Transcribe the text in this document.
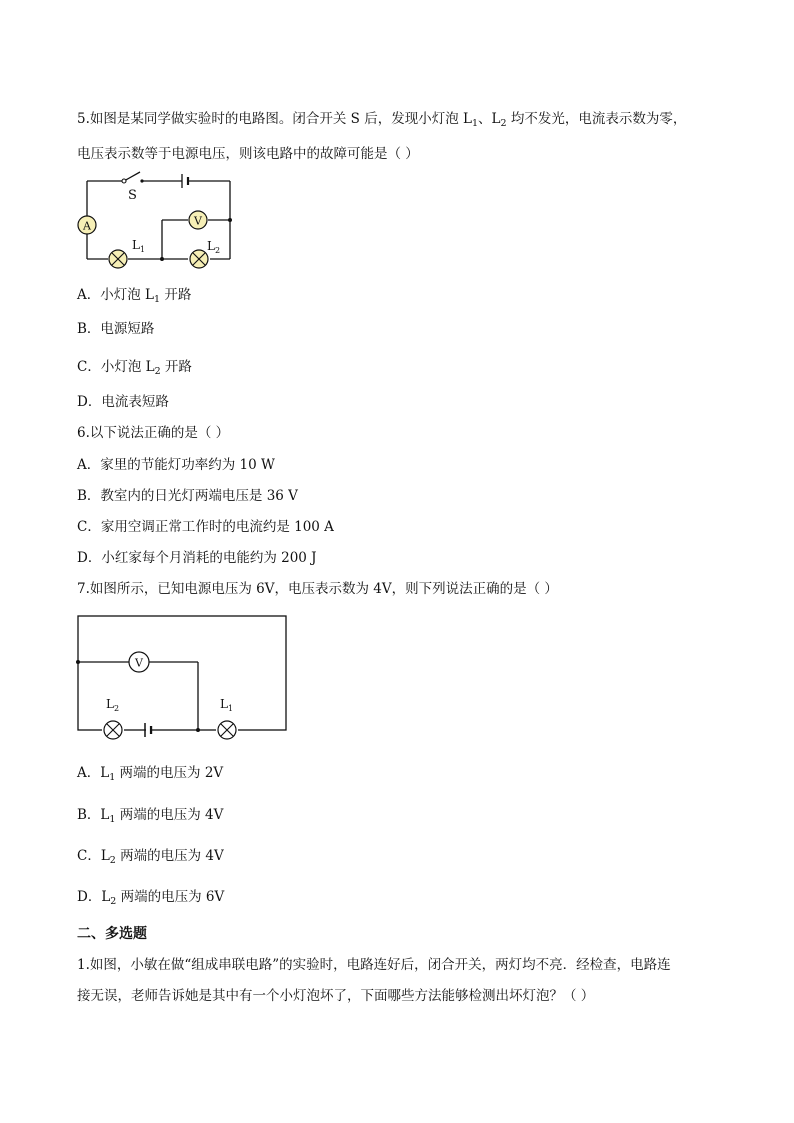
5.如图是某同学做实验时的电路图。闭合开关 S 后，发现小灯泡 $L_1$、$L_2$ 均不发光，电流表示数为零，
电压表示数等于电源电压，则该电路中的故障可能是（ ）
S
A	V
$L_1$	$L_2$
A．小灯泡 $L_1$ 开路
B．电源短路
C．小灯泡 $L_2$ 开路
D．电流表短路
6.以下说法正确的是（ ）
A．家里的节能灯功率约为 10 W
B．教室内的日光灯两端电压是 36 V
C．家用空调正常工作时的电流约是 100 A
D．小红家每个月消耗的电能约为 200 J
7.如图所示，已知电源电压为 6V，电压表示数为 4V，则下列说法正确的是（ ）
V
$L_2$	$L_1$
A．$L_1$ 两端的电压为 2V
B．$L_1$ 两端的电压为 4V
C．$L_2$ 两端的电压为 4V
D．$L_2$ 两端的电压为 6V
二、多选题
1.如图，小敏在做“组成串联电路”的实验时，电路连好后，闭合开关，两灯均不亮．经检查，电路连
接无误，老师告诉她是其中有一个小灯泡坏了，下面哪些方法能够检测出坏灯泡？（ ）
